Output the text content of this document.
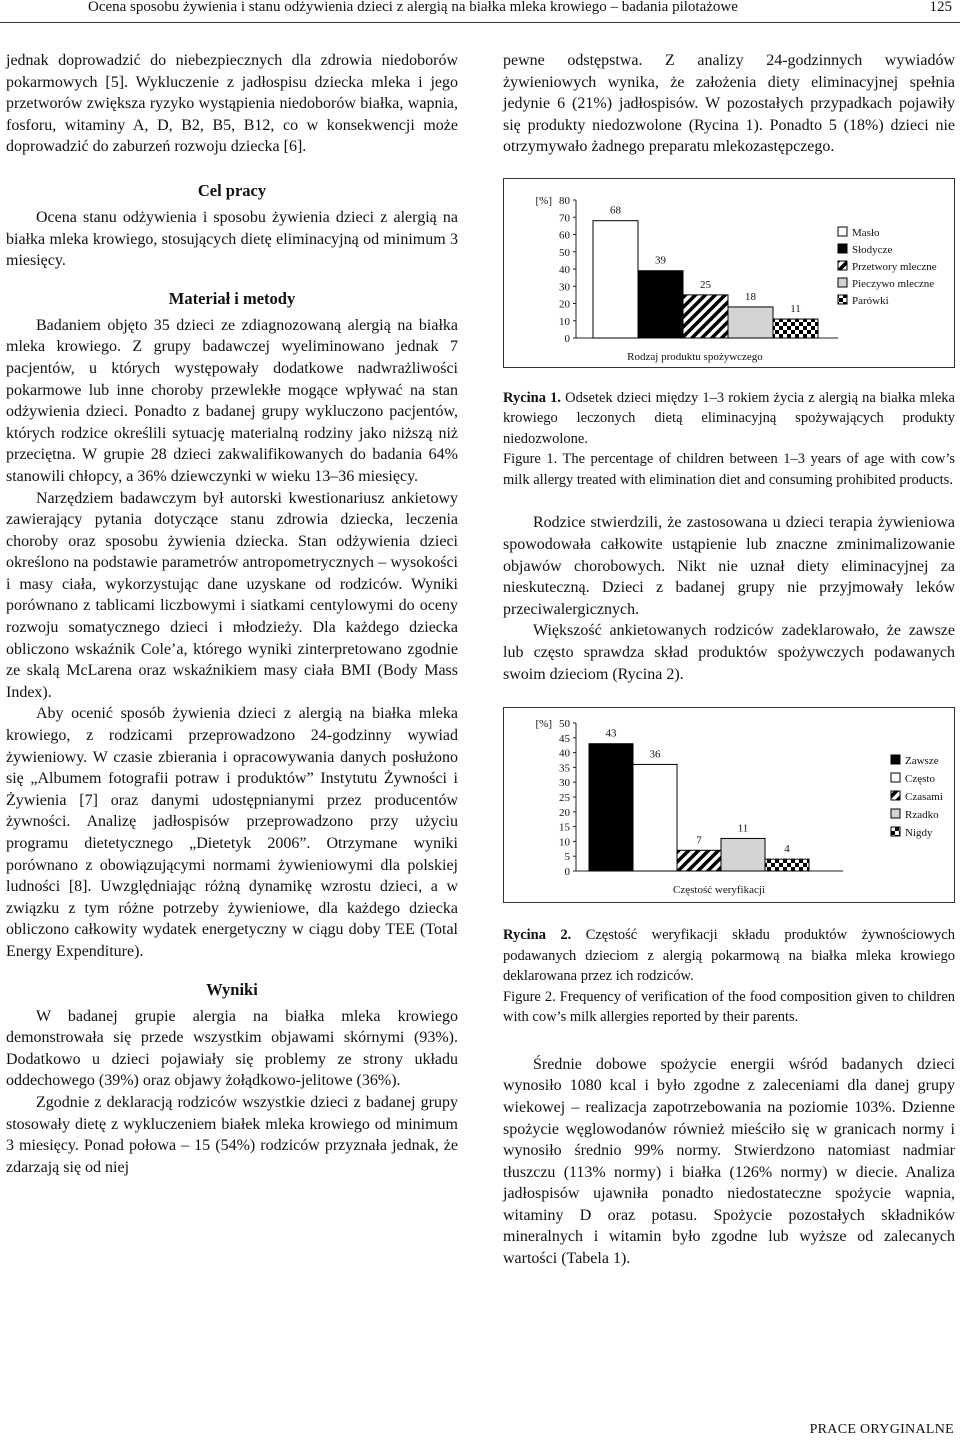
Ocena sposobu żywienia i stanu odżywienia dzieci z alergią na białka mleka krowiego – badania pilotażowe	125

jednak doprowadzić do niebezpiecznych dla zdrowia niedoborów pokarmowych [5]. Wykluczenie z jadłospisu dziecka mleka i jego przetworów zwiększa ryzyko wystąpienia niedoborów białka, wapnia, fosforu, witaminy A, D, B2, B5, B12, co w konsekwencji może doprowadzić do zaburzeń rozwoju dziecka [6].

Cel pracy

Ocena stanu odżywienia i sposobu żywienia dzieci z alergią na białka mleka krowiego, stosujących dietę eliminacyjną od minimum 3 miesięcy.

Materiał i metody

Badaniem objęto 35 dzieci ze zdiagnozowaną alergią na białka mleka krowiego. Z grupy badawczej wyeliminowano jednak 7 pacjentów, u których występowały dodatkowe nadwrażliwości pokarmowe lub inne choroby przewlekłe mogące wpływać na stan odżywienia dzieci. Ponadto z badanej grupy wykluczono pacjentów, których rodzice określili sytuację materialną rodziny jako niższą niż przeciętna. W grupie 28 dzieci zakwalifikowanych do badania 64% stanowili chłopcy, a 36% dziewczynki w wieku 13–36 miesięcy.

Narzędziem badawczym był autorski kwestionariusz ankietowy zawierający pytania dotyczące stanu zdrowia dziecka, leczenia choroby oraz sposobu żywienia dziecka. Stan odżywienia dzieci określono na podstawie parametrów antropometrycznych – wysokości i masy ciała, wykorzystując dane uzyskane od rodziców. Wyniki porównano z tablicami liczbowymi i siatkami centylowymi do oceny rozwoju somatycznego dzieci i młodzieży. Dla każdego dziecka obliczono wskaźnik Cole’a, którego wyniki zinterpretowano zgodnie ze skalą McLarena oraz wskaźnikiem masy ciała BMI (Body Mass Index).

Aby ocenić sposób żywienia dzieci z alergią na białka mleka krowiego, z rodzicami przeprowadzono 24-godzinny wywiad żywieniowy. W czasie zbierania i opracowywania danych posłużono się „Albumem fotografii potraw i produktów” Instytutu Żywności i Żywienia [7] oraz danymi udostępnianymi przez producentów żywności. Analizę jadłospisów przeprowadzono przy użyciu programu dietetycznego „Dietetyk 2006”. Otrzymane wyniki porównano z obowiązującymi normami żywieniowymi dla polskiej ludności [8]. Uwzględniając różną dynamikę wzrostu dzieci, a w związku z tym różne potrzeby żywieniowe, dla każdego dziecka obliczono całkowity wydatek energetyczny w ciągu doby TEE (Total Energy Expenditure).

Wyniki

W badanej grupie alergia na białka mleka krowiego demonstrowała się przede wszystkim objawami skórnymi (93%). Dodatkowo u dzieci pojawiały się problemy ze strony układu oddechowego (39%) oraz objawy żołądkowo-jelitowe (36%).

Zgodnie z deklaracją rodziców wszystkie dzieci z badanej grupy stosowały dietę z wykluczeniem białek mleka krowiego od minimum 3 miesięcy. Ponad połowa – 15 (54%) rodziców przyznała jednak, że zdarzają się od niej

pewne odstępstwa. Z analizy 24-godzinnych wywiadów żywieniowych wynika, że założenia diety eliminacyjnej spełnia jedynie 6 (21%) jadłospisów. W pozostałych przypadkach pojawiły się produkty niedozwolone (Rycina 1). Ponadto 5 (18%) dzieci nie otrzymywało żadnego preparatu mlekozastępczego.

0
10
20
30
40
50
60
70
80
[%]
68
39
25
18
11
Rodzaj produktu spożywczego
Masło
Słodycze
Przetwory mleczne
Pieczywo mleczne
Parówki

Rycina 1. Odsetek dzieci między 1–3 rokiem życia z alergią na białka mleka krowiego leczonych dietą eliminacyjną spożywających produkty niedozwolone.

Figure 1. The percentage of children between 1–3 years of age with cow’s milk allergy treated with elimination diet and consuming prohibited products.

Rodzice stwierdzili, że zastosowana u dzieci terapia żywieniowa spowodowała całkowite ustąpienie lub znaczne zminimalizowanie objawów chorobowych. Nikt nie uznał diety eliminacyjnej za nieskuteczną. Dzieci z badanej grupy nie przyjmowały leków przeciwalergicznych.

Większość ankietowanych rodziców zadeklarowało, że zawsze lub często sprawdza skład produktów spożywczych podawanych swoim dzieciom (Rycina 2).

0
5
10
15
20
25
30
35
40
45
50
[%]
43
36
7
11
4
Częstość weryfikacji
Zawsze
Często
Czasami
Rzadko
Nigdy

Rycina 2. Częstość weryfikacji składu produktów żywnościowych podawanych dzieciom z alergią pokarmową na białka mleka krowiego deklarowana przez ich rodziców.

Figure 2. Frequency of verification of the food composition given to children with cow’s milk allergies reported by their parents.

Średnie dobowe spożycie energii wśród badanych dzieci wynosiło 1080 kcal i było zgodne z zaleceniami dla danej grupy wiekowej – realizacja zapotrzebowania na poziomie 103%. Dzienne spożycie węglowodanów również mieściło się w granicach normy i wynosiło średnio 99% normy. Stwierdzono natomiast nadmiar tłuszczu (113% normy) i białka (126% normy) w diecie. Analiza jadłospisów ujawniła ponadto niedostateczne spożycie wapnia, witaminy D oraz potasu. Spożycie pozostałych składników mineralnych i witamin było zgodne lub wyższe od zalecanych wartości (Tabela 1).

PRACE ORYGINALNE
